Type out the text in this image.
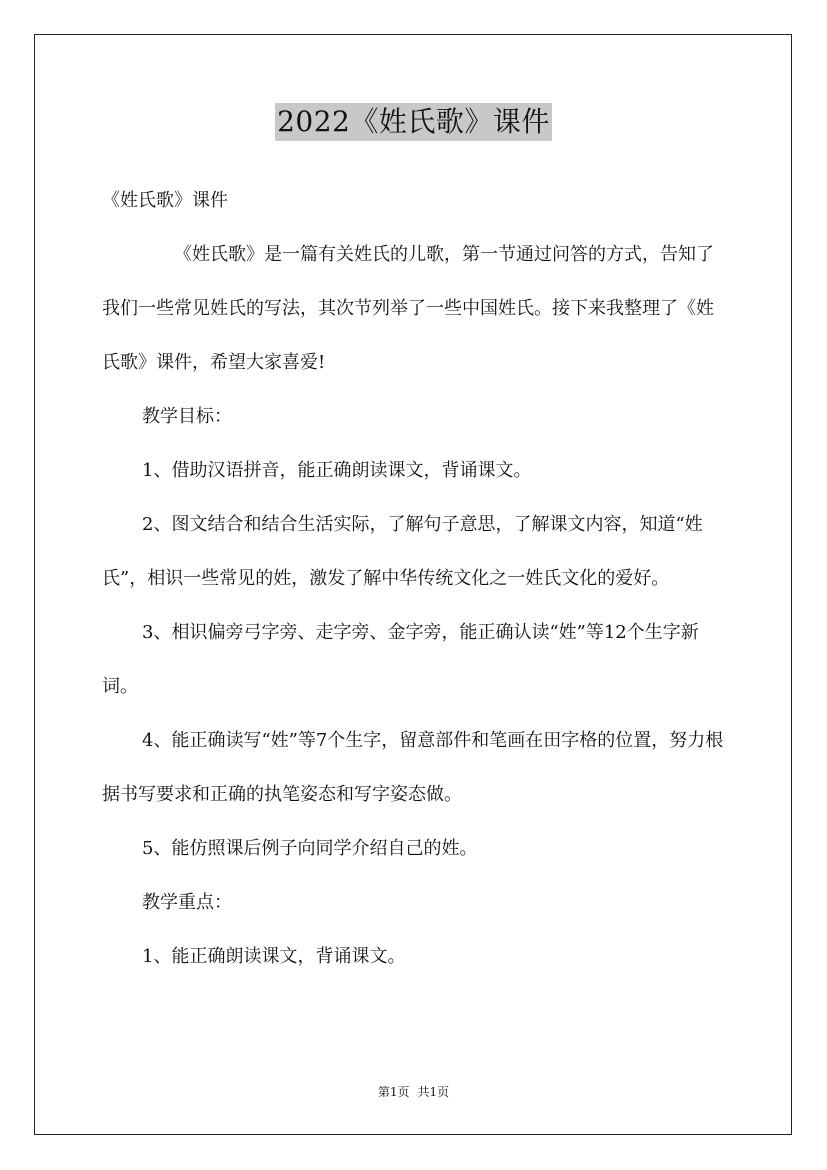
2022《姓氏歌》课件

《姓氏歌》课件

《姓氏歌》是一篇有关姓氏的儿歌，第一节通过问答的方式，告知了我们一些常见姓氏的写法，其次节列举了一些中国姓氏。接下来我整理了《姓氏歌》课件，希望大家喜爱!

教学目标：

1、借助汉语拼音，能正确朗读课文，背诵课文。

2、图文结合和结合生活实际，了解句子意思，了解课文内容，知道“姓氏”，相识一些常见的姓，激发了解中华传统文化之一姓氏文化的爱好。

3、相识偏旁弓字旁、走字旁、金字旁，能正确认读“姓”等12个生字新词。

4、能正确读写“姓”等7个生字，留意部件和笔画在田字格的位置，努力根据书写要求和正确的执笔姿态和写字姿态做。

5、能仿照课后例子向同学介绍自己的姓。

教学重点：

1、能正确朗读课文，背诵课文。

第1页 共1页
